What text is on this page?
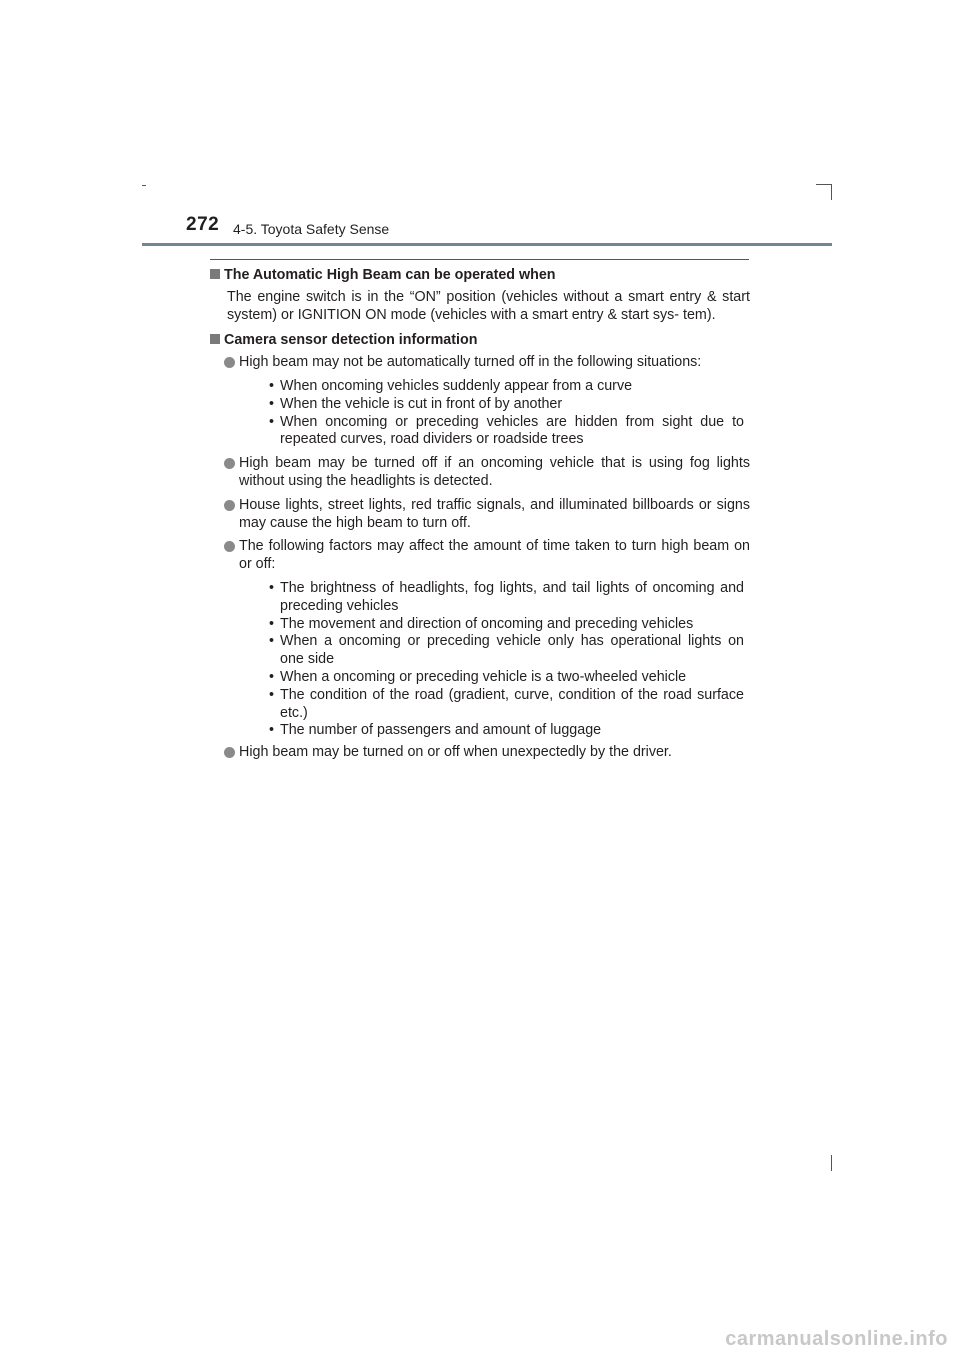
272 4-5. Toyota Safety Sense
The Automatic High Beam can be operated when
The engine switch is in the “ON” position (vehicles without a smart entry & start system) or IGNITION ON mode (vehicles with a smart entry & start sys- tem).
Camera sensor detection information
High beam may not be automatically turned off in the following situations:
• When oncoming vehicles suddenly appear from a curve
• When the vehicle is cut in front of by another
• When oncoming or preceding vehicles are hidden from sight due to repeated curves, road dividers or roadside trees
High beam may be turned off if an oncoming vehicle that is using fog lights without using the headlights is detected.
House lights, street lights, red traffic signals, and illuminated billboards or signs may cause the high beam to turn off.
The following factors may affect the amount of time taken to turn high beam on or off:
• The brightness of headlights, fog lights, and tail lights of oncoming and preceding vehicles
• The movement and direction of oncoming and preceding vehicles
• When a oncoming or preceding vehicle only has operational lights on one side
• When a oncoming or preceding vehicle is a two-wheeled vehicle
• The condition of the road (gradient, curve, condition of the road surface etc.)
• The number of passengers and amount of luggage
High beam may be turned on or off when unexpectedly by the driver.
carmanualsonline.info
